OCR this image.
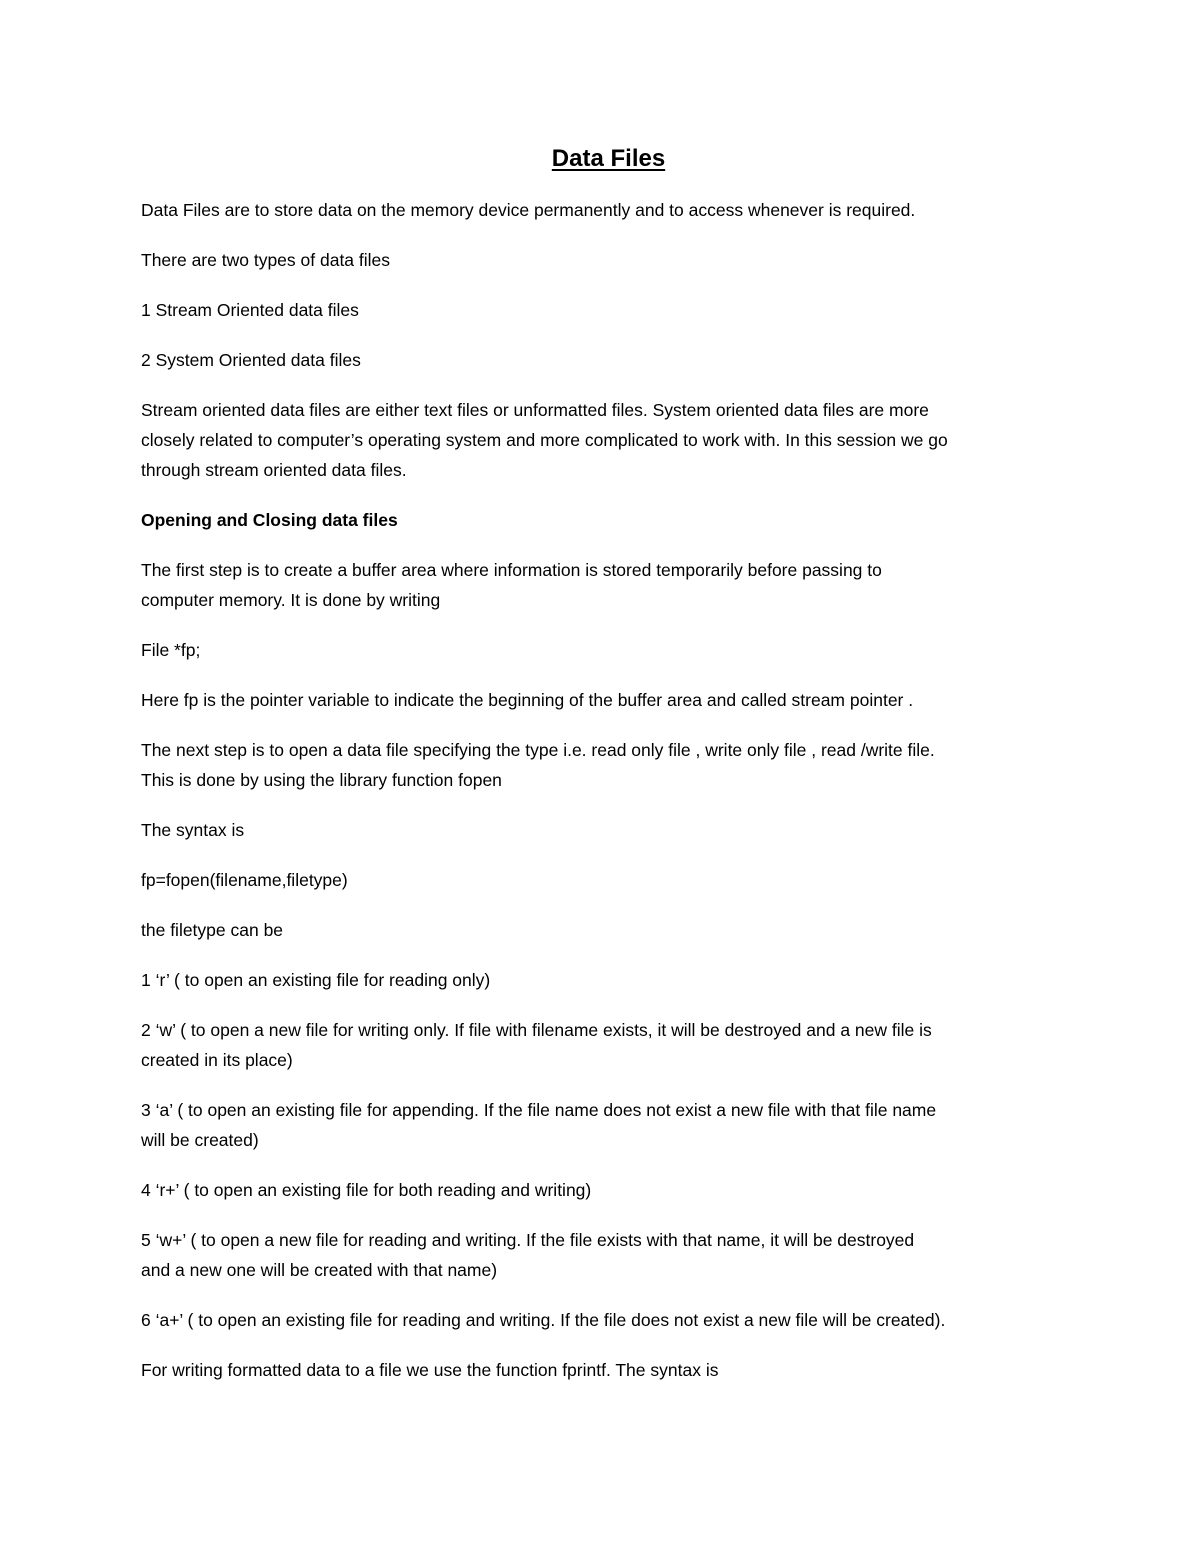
Data Files
Data Files are to store data on the memory device permanently and to access whenever is required.
There are two types of data files
1 Stream Oriented data files
2 System Oriented data files
Stream oriented data files are either text files or unformatted files. System oriented data files are more
closely related to computer’s operating system and more complicated to work with. In this session we go
through stream oriented data files.
Opening and Closing data files
The first step is to create a buffer area where information is stored temporarily before passing to
computer memory. It is done by writing
File *fp;
Here fp is the pointer variable to indicate the beginning of the buffer area and called stream pointer .
The next step is to open a data file specifying the type i.e. read only file , write only file , read /write file.
This is done by using the library function fopen
The syntax is
fp=fopen(filename,filetype)
the filetype can be
1 ‘r’ ( to open an existing file for reading only)
2 ‘w’ ( to open a new file for writing only. If file with filename exists, it will be destroyed and a new file is
created in its place)
3 ‘a’ ( to open an existing file for appending. If the file name does not exist a new file with that file name
will be created)
4 ‘r+’ ( to open an existing file for both reading and writing)
5 ‘w+’ ( to open a new file for reading and writing. If the file exists with that name, it will be destroyed
and a new one will be created with that name)
6 ‘a+’ ( to open an existing file for reading and writing. If the file does not exist a new file will be created).
For writing formatted data to a file we use the function fprintf. The syntax is
